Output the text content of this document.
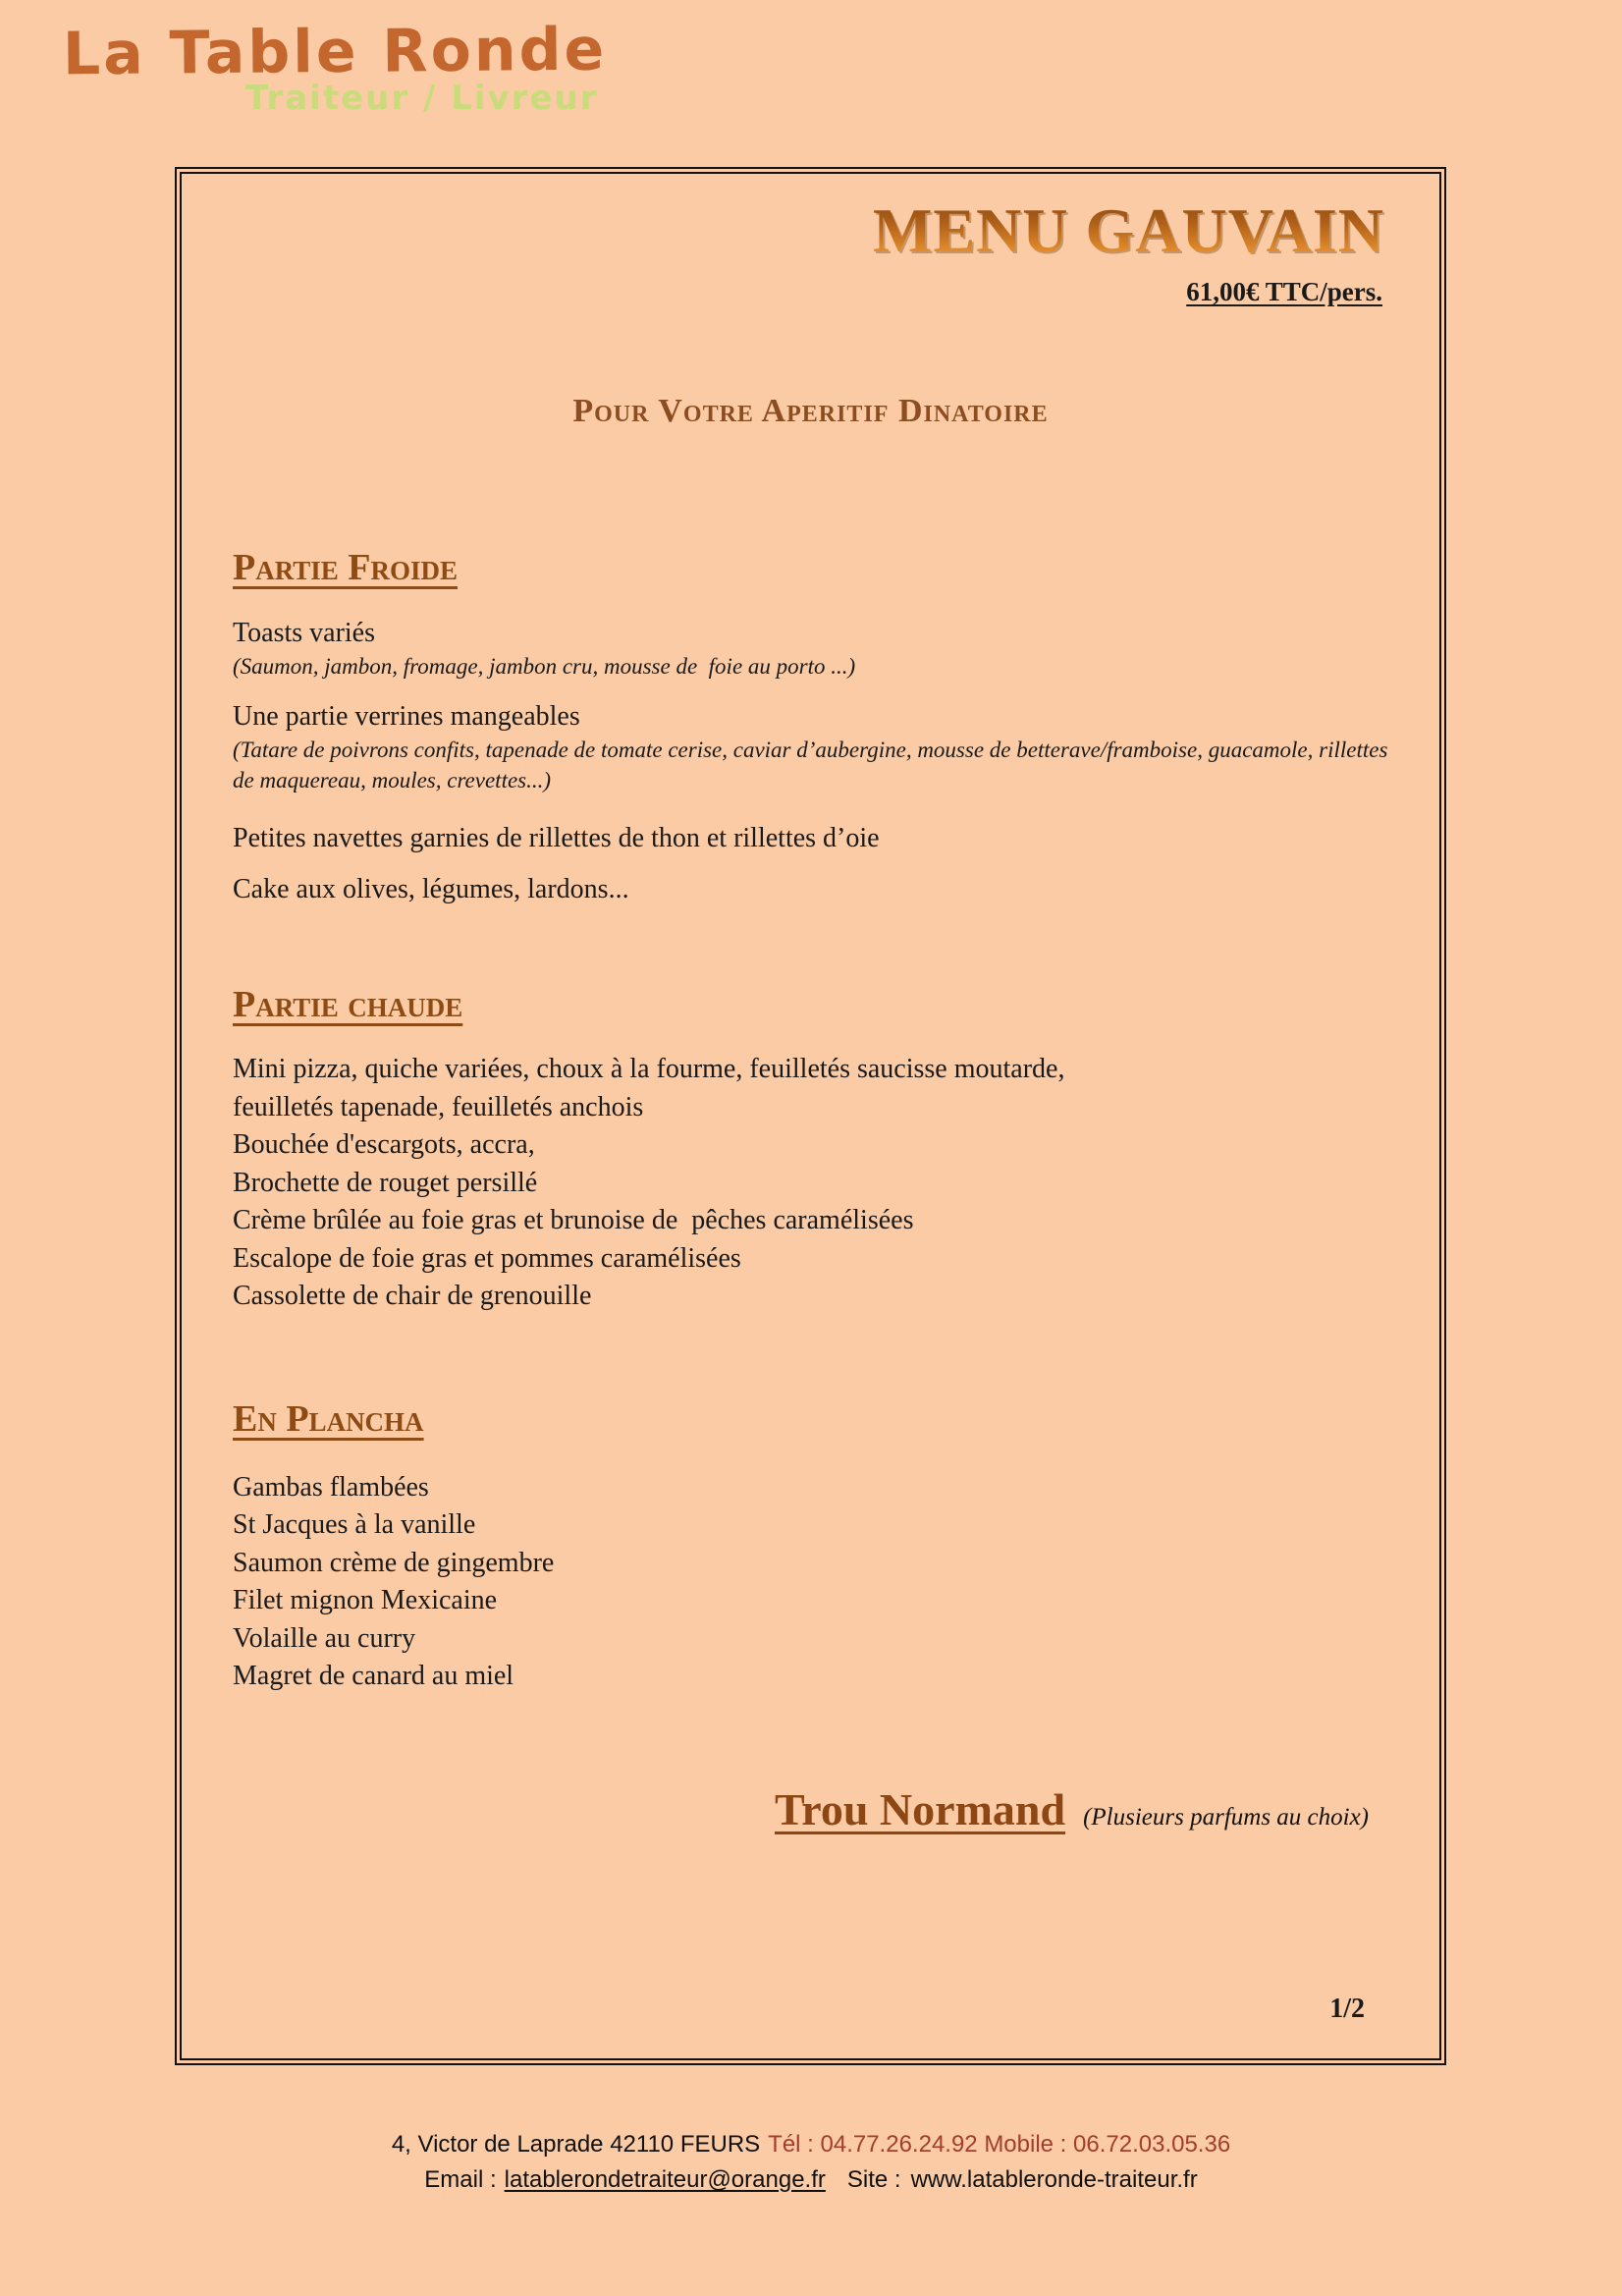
La Table Ronde
Traiteur / Livreur
MENU GAUVAIN
61,00€ TTC/pers.
Pour Votre Aperitif Dinatoire
Partie Froide
Toasts variés
(Saumon, jambon, fromage, jambon cru, mousse de  foie au porto ...)
Une partie verrines mangeables
(Tatare de poivrons confits, tapenade de tomate cerise, caviar d’aubergine, mousse de betterave/framboise, guacamole, rillettes de maquereau, moules, crevettes...)
Petites navettes garnies de rillettes de thon et rillettes d’oie
Cake aux olives, légumes, lardons...
Partie chaude
Mini pizza, quiche variées, choux à la fourme, feuilletés saucisse moutarde,
feuilletés tapenade, feuilletés anchois
Bouchée d'escargots, accra,
Brochette de rouget persillé
Crème brûlée au foie gras et brunoise de  pêches caramélisées
Escalope de foie gras et pommes caramélisées
Cassolette de chair de grenouille
En Plancha
Gambas flambées
St Jacques à la vanille
Saumon crème de gingembre
Filet mignon Mexicaine
Volaille au curry
Magret de canard au miel
Trou Normand (Plusieurs parfums au choix)
1/2
4, Victor de Laprade 42110 FEURS Tél : 04.77.26.24.92 Mobile : 06.72.03.05.36
Email : latablerondetraiteur@orange.fr Site : www.latableronde-traiteur.fr
